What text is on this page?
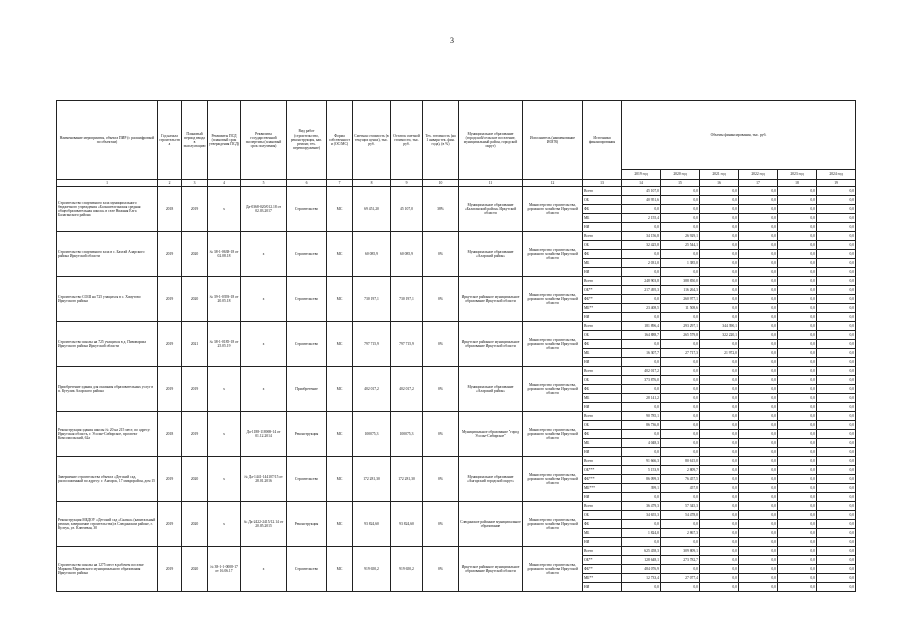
3
Наименование мероприятия, объекта ПИР (с расшифровкой по объектам)	Год начала строительства	Плановый период ввода в эксплуатацию	Реквизиты ПСД (плановый срок утверждения ПСД)	Реквизиты государственной экспертизы (плановый срок получения)	Вид работ (строительство, реконструкция, кап. ремонт, тех. перевооружение)	Форма собственности (ОС/МС)	Сметная стоимость (в текущих ценах), тыс. руб.	Остаток сметной стоимости, тыс. руб.	Тех. готовность (на 1 января тек. фин. года), (в %)	Муниципальное образование (городской/сельское поселение, муниципальный район, городской округ)	Исполнитель (наименование ИОГВ)	Источники финансирования	Объемы финансирования, тыс. руб.					
													2019 год	2020 год	2021 год	2022 год	2023 год	2024 год
1	2	3	4	5	6	7	8	9	10	11	12	13	14	15	16	17	18	19
Строительство спортивного зала муниципального бюджетного учреждения «Большеелгинская средняя общеобразовательная школа» в селе Нижняя Елга Балаганского района	2018	2019	х	Да-0368-020/012.18 от 02.03.2017	Строительство	МС	69 451,20	45 107,0	38%	Муниципальное образование «Балаганский район» Иркутской области	Министерство строительства, дорожного хозяйства Иркутской области	Всего	45 107,0	0,0	0,0	0,0	0,0	0,0
												ОБ	40 951,6	0,0	0,0	0,0	0,0	0,0
												ФБ	0,0	0,0	0,0	0,0	0,0	0,0
												МБ	2 155,4	0,0	0,0	0,0	0,0	0,0
												НИ	0,0	0,0	0,0	0,0	0,0	0,0
Строительство спортивного зала в с. Бахтай Аларского района Иркутской области	2019	2020	№ 38-1-0638-18 от 02.08.18	х	Строительство	МС	60 085,9	60 085,9	0%	Муниципальное образование «Аларский район»	Министерство строительства, дорожного хозяйства Иркутской области	Всего	34 156,8	26 929,1	0,0	0,0	0,0	0,0
												ОБ	32 425,8	25 544,1	0,0	0,0	0,0	0,0
												ФБ	0,0	0,0	0,0	0,0	0,0	0,0
												МБ	2 031,0	1 385,0	0,0	0,0	0,0	0,0
												НИ	0,0	0,0	0,0	0,0	0,0	0,0
Строительство СОШ на 725 учащихся в с. Хомутово Иркутского района	2019	2020	№ 39-1-0393-18 от 20.05.18	х	Строительство	МС	730 197,1	730 197,1	0%	Иркутское районное муниципальное образование Иркутской области	Министерство строительства, дорожного хозяйства Иркутской области	Всего	248 903,8	388 850,0	0,0	0,0	0,0	0,0
												ОБ**	217 495,3	116 264,3	0,0	0,0	0,0	0,0
												ФБ**	0,0	260 977,1	0,0	0,0	0,0	0,0
												МБ**	23 408,5	11 508,6	0,0	0,0	0,0	0,0
												НИ	0,0	0,0	0,0	0,0	0,0	0,0
Строительство школы на 725 учащихся в д. Пивовариха Иркутского района Иркутской области	2019	2021	№ 38-1-0185-18 от 25.05.19	х	Строительство	МС	797 715,9	797 715,9	0%	Иркутское районное муниципальное образование Иркутской области	Министерство строительства, дорожного хозяйства Иркутской области	Всего	181 896,4	293 297,1	344 390,1	0,0	0,0	0,0
												ОБ	164 888,7	265 579,8	322 220,1	0,0	0,0	0,0
												ФБ	0,0	0,0	0,0	0,0	0,0	0,0
												МБ	16 307,7	27 717,3	21 972,0	0,0	0,0	0,0
												НИ	0,0	0,0	0,0	0,0	0,0	0,0
Приобретение здания для оказания образовательных услуг в п. Кутулик Аларского района	2019	2019	х	х	Приобретение	МС	402 017,2	402 017,2	0%	Муниципальное образование «Аларский район»	Министерство строительства, дорожного хозяйства Иркутской области	Всего	402 017,2	0,0	0,0	0,0	0,0	0,0
												ОБ	373 876,0	0,0	0,0	0,0	0,0	0,0
												ФБ	0,0	0,0	0,0	0,0	0,0	0,0
												МБ	28 141,2	0,0	0,0	0,0	0,0	0,0
												НИ	0,0	0,0	0,0	0,0	0,0	0,0
Реконструкция здания школы № 20 на 215 мест, по адресу: Иркутская область, г. Усолье-Сибирское, проспект Комсомольский, 62а	2018	2019	х	Да-1188-118069-14 от 01.12.2014	Реконструкция	МС	100075,3	100075,3	0%	Муниципальное образование "город Усолье-Сибирское"	Министерство строительства, дорожного хозяйства Иркутской области	Всего	90 785,1	0,0	0,0	0,0	0,0	0,0
												ОБ	86 736,8	0,0	0,0	0,0	0,0	0,0
												ФБ	0,0	0,0	0,0	0,0	0,0	0,0
												МБ	4 048,3	0,0	0,0	0,0	0,0	0,0
												НИ	0,0	0,0	0,0	0,0	0,0	0,0
Завершение строительства объекта «Детский сад, расположенный по адресу: г. Ангарск, 17 микрорайон, дом 15	2019	2020	х	№ Да-1441-144107/15 от 28.01.2016	Строительство	МС	172 281,30	172 281,30	0%	Муниципальное образование «Ангарский городской округ»	Министерство строительства, дорожного хозяйства Иркутской области	Всего	91 666,3	80 615,0	0,0	0,0	0,0	0,0
												ОБ***	5 153,9	2 809,7	0,0	0,0	0,0	0,0
												ФБ***	86 099,3	76 457,5	0,0	0,0	0,0	0,0
												МБ***	399,1	457,8	0,0	0,0	0,0	0,0
												НИ	0,0	0,0	0,0	0,0	0,0	0,0
Реконструкция МБДОУ «Детский сад «Сказка» (капитальный ремонт, завершение строительства) в Слюдянском районе, г. Култук, ул. Ключевая, 30	2019	2020	х	№ Да-2422-2415/12.14 от 20.05.2015	Реконструкция	МС	93 824,60	93 824,60	0%	Слюдянское районное муниципальное образование	Министерство строительства, дорожного хозяйства Иркутской области	Всего	36 479,3	57 345,3	0,0	0,0	0,0	0,0
												ОБ	34 655,3	54 478,0	0,0	0,0	0,0	0,0
												ФБ	0,0	0,0	0,0	0,0	0,0	0,0
												МБ	1 824,0	2 867,3	0,0	0,0	0,0	0,0
												НИ	0,0	0,0	0,0	0,0	0,0	0,0
Строительство школы на 1275 мест в рабочем поселке Маркова Марковского муниципального образования Иркутского района	2019	2020	№ 38-1-1-0008-17 от 16.06.17	х	Строительство	МС	919 650,2	919 650,2	0%	Иркутское районное муниципальное образование Иркутской области	Министерство строительства, дорожного хозяйства Иркутской области	Всего	625 458,3	309 809,1	0,0	0,0	0,0	0,0
												ОБ**	128 648,1	273 782,7	0,0	0,0	0,0	0,0
												ФБ**	484 076,9	0,0	0,0	0,0	0,0	0,0
												МБ**	12 733,4	27 077,4	0,0	0,0	0,0	0,0
												НИ	0,0	0,0	0,0	0,0	0,0	0,0
